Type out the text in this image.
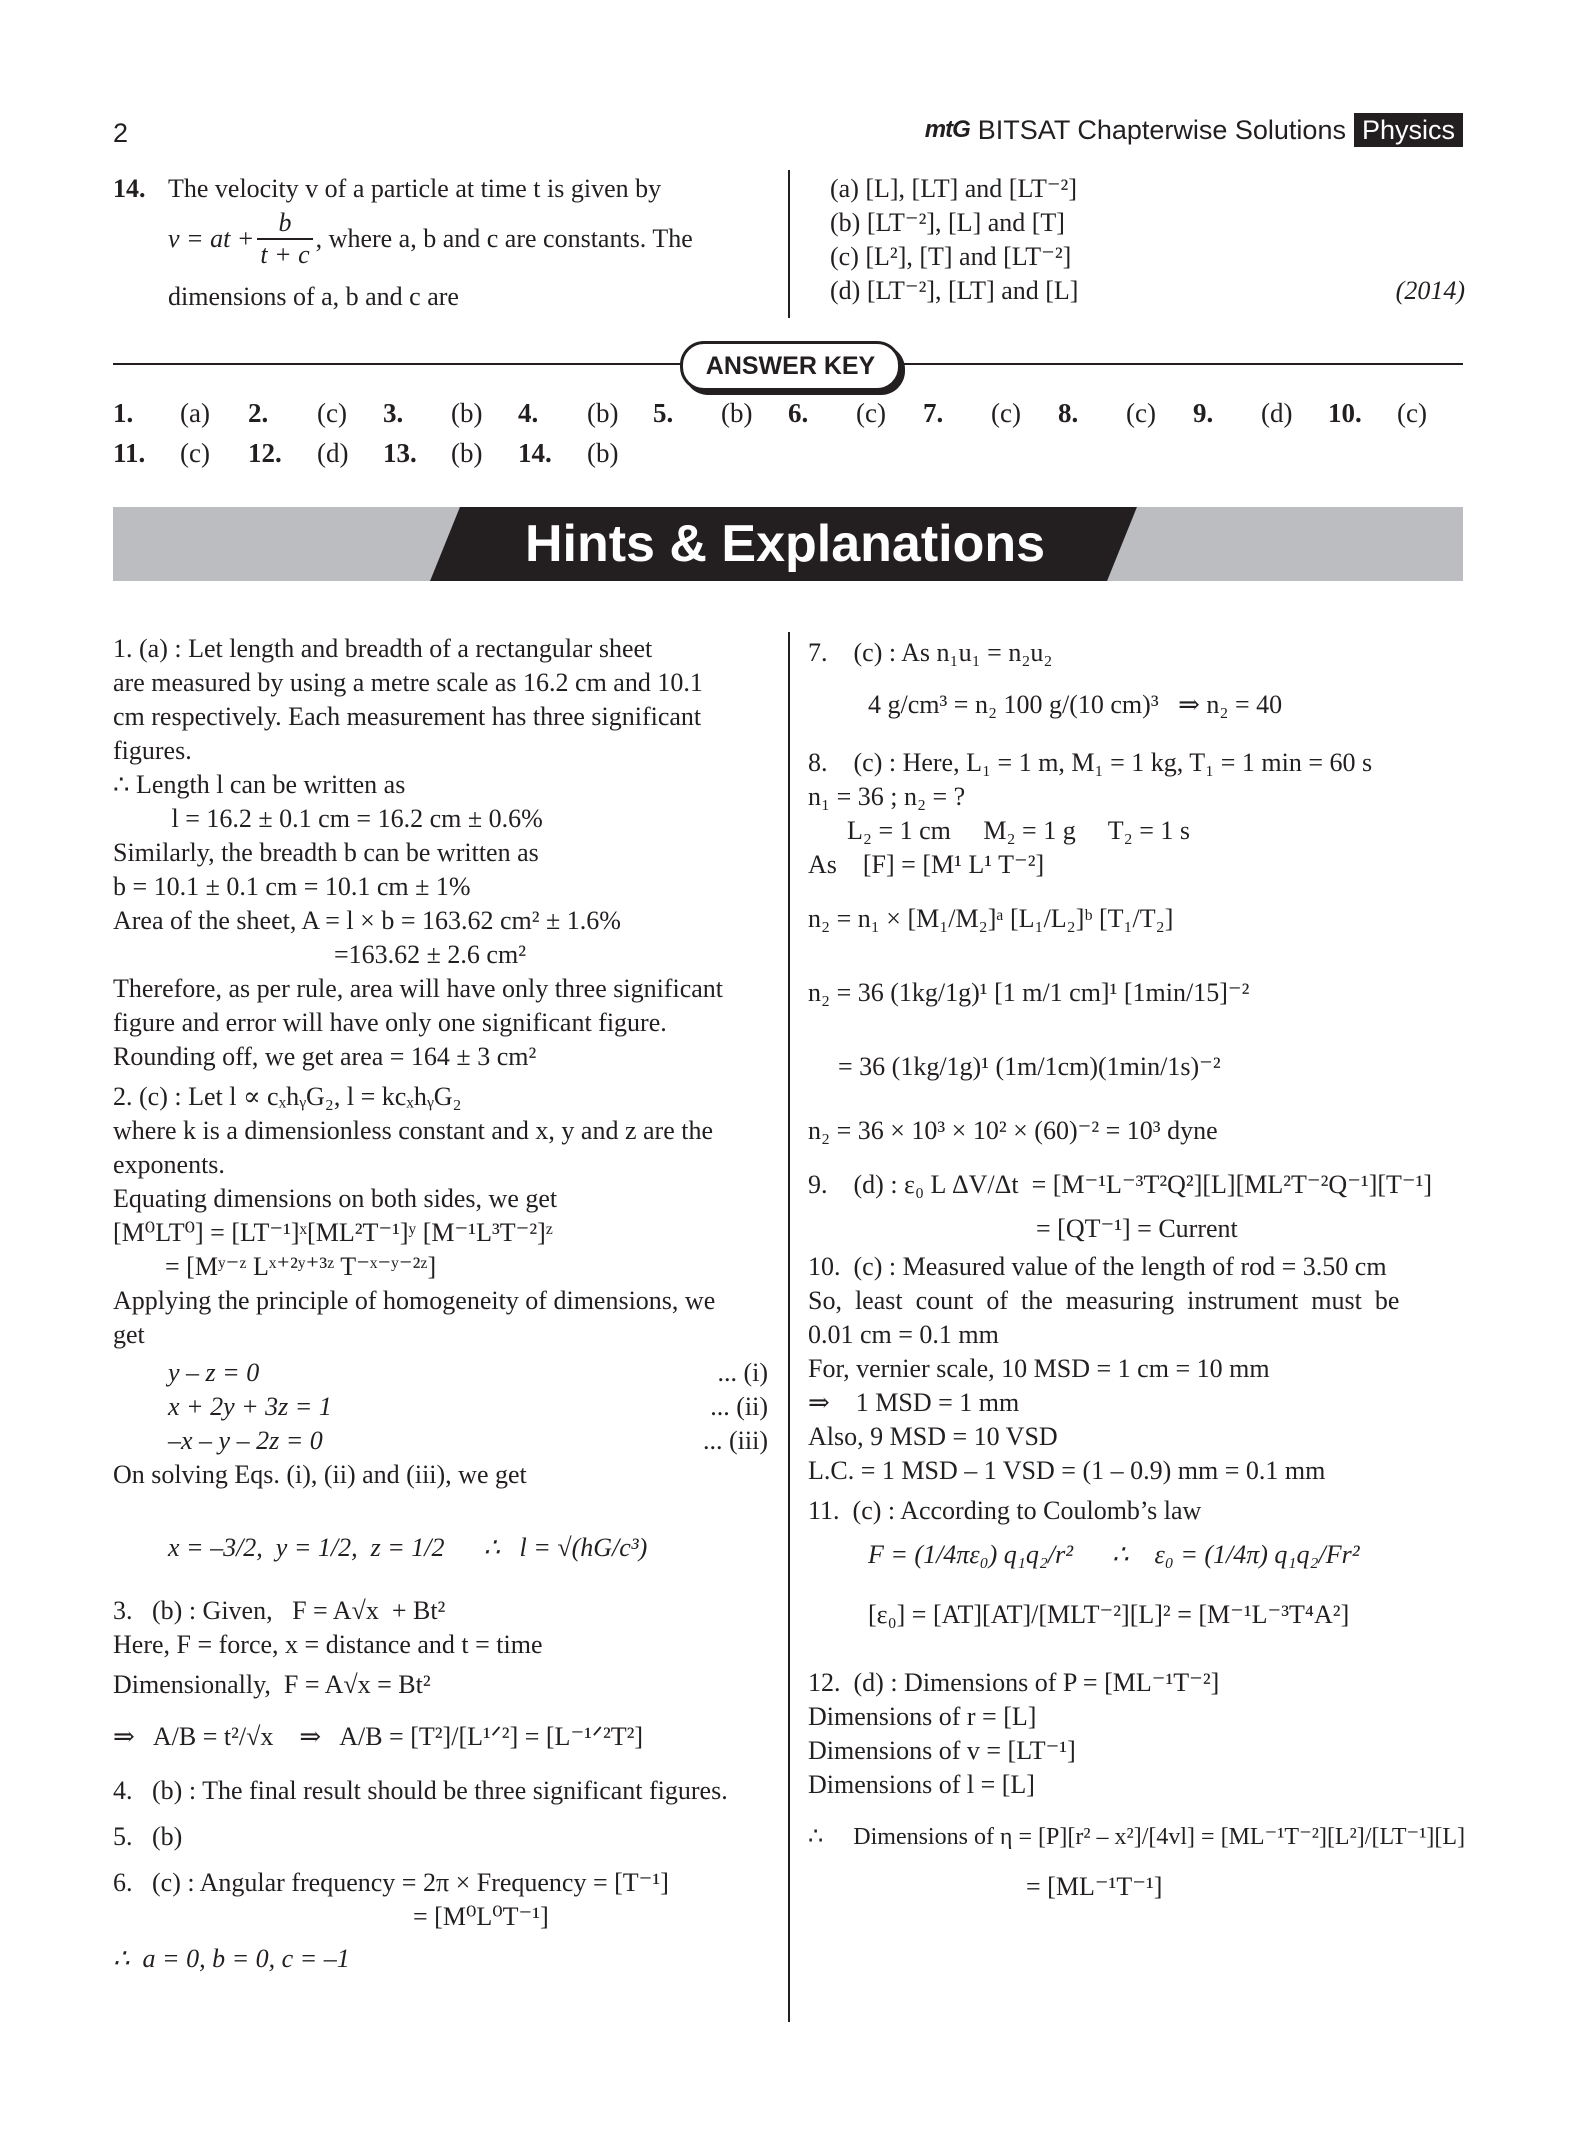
2	mtG BITSAT Chapterwise Solutions Physics
14. The velocity v of a particle at time t is given by
v = at + $\frac{b}{t + c}$ , where a, b and c are constants. The
dimensions of a, b and c are
(a) [L], [LT] and [LT⁻²]
(b) [LT⁻²], [L] and [T]
(c) [L²], [T] and [LT⁻²]
(d) [LT⁻²], [LT] and [L]	(2014)
ANSWER KEY
1. (a) 2. (c) 3. (b) 4. (b) 5. (b) 6. (c) 7. (c) 8. (c) 9. (d) 10. (c)
11. (c) 12. (d) 13. (b) 14. (b)
Hints & Explanations
1. (a) : Let length and breadth of a rectangular sheet
are measured by using a metre scale as 16.2 cm and 10.1
cm respectively. Each measurement has three significant
figures.
∴ Length l can be written as
l = 16.2 ± 0.1 cm = 16.2 cm ± 0.6%
Similarly, the breadth b can be written as
b = 10.1 ± 0.1 cm = 10.1 cm ± 1%
Area of the sheet, A = l × b = 163.62 cm² ± 1.6%
=163.62 ± 2.6 cm²
Therefore, as per rule, area will have only three significant
figure and error will have only one significant figure.
Rounding off, we get area = 164 ± 3 cm²
2. (c) : Let l ∝ cₓhᵧG₂, l = kcₓhᵧG₂
where k is a dimensionless constant and x, y and z are the
exponents.
Equating dimensions on both sides, we get
[M⁰LT⁰] = [LT⁻¹]ˣ[ML²T⁻¹]ʸ [M⁻¹L³T⁻²]ᶻ
= [Mʸ⁻ᶻ Lˣ⁺²ʸ⁺³ᶻ T⁻ˣ⁻ʸ⁻²ᶻ]
Applying the principle of homogeneity of dimensions, we
get
y – z = 0	... (i)
x + 2y + 3z = 1	... (ii)
–x – y – 2z = 0	... (iii)
On solving Eqs. (i), (ii) and (iii), we get
x = –3/2,  y = 1/2,  z = 1/2      ∴   l = √(hG/c³)
3.   (b) : Given,   F = A√x  + Bt²
Here, F = force, x = distance and t = time
Dimensionally,  F = A√x = Bt²
⇒   A/B = t²/√x    ⇒   A/B = [T²]/[L¹ᐟ²] = [L⁻¹ᐟ²T²]
4.   (b) : The final result should be three significant figures.
5.   (b)
6.   (c) : Angular frequency = 2π × Frequency = [T⁻¹]
= [M⁰L⁰T⁻¹]
∴  a = 0, b = 0, c = –1
7.    (c) : As n₁u₁ = n₂u₂
4 g/cm³ = n₂ 100 g/(10 cm)³   ⇒ n₂ = 40
8.    (c) : Here, L₁ = 1 m, M₁ = 1 kg, T₁ = 1 min = 60 s
n₁ = 36 ; n₂ = ?
L₂ = 1 cm     M₂ = 1 g     T₂ = 1 s
As    [F] = [M¹ L¹ T⁻²]
n₂ = n₁ × [M₁/M₂]ᵃ [L₁/L₂]ᵇ [T₁/T₂]
n₂ = 36 (1kg/1g)¹ [1 m/1 cm]¹ [1min/15]⁻²
= 36 (1kg/1g)¹ (1m/1cm)(1min/1s)⁻²
n₂ = 36 × 10³ × 10² × (60)⁻² = 10³ dyne
9.    (d) : ε₀ L ΔV/Δt  = [M⁻¹L⁻³T²Q²][L][ML²T⁻²Q⁻¹][T⁻¹]
= [QT⁻¹] = Current
10.  (c) : Measured value of the length of rod = 3.50 cm
So,  least  count  of  the  measuring  instrument  must  be
0.01 cm = 0.1 mm
For, vernier scale, 10 MSD = 1 cm = 10 mm
⇒    1 MSD = 1 mm
Also, 9 MSD = 10 VSD
L.C. = 1 MSD – 1 VSD = (1 – 0.9) mm = 0.1 mm
11.  (c) : According to Coulomb’s law
F = (1/4πε₀) q₁q₂/r²      ∴    ε₀ = (1/4π) q₁q₂/Fr²
[ε₀] = [AT][AT]/[MLT⁻²][L]² = [M⁻¹L⁻³T⁴A²]
12.  (d) : Dimensions of P = [ML⁻¹T⁻²]
Dimensions of r = [L]
Dimensions of v = [LT⁻¹]
Dimensions of l = [L]
∴     Dimensions of η = [P][r² – x²]/[4vl] = [ML⁻¹T⁻²][L²]/[LT⁻¹][L]
= [ML⁻¹T⁻¹]
